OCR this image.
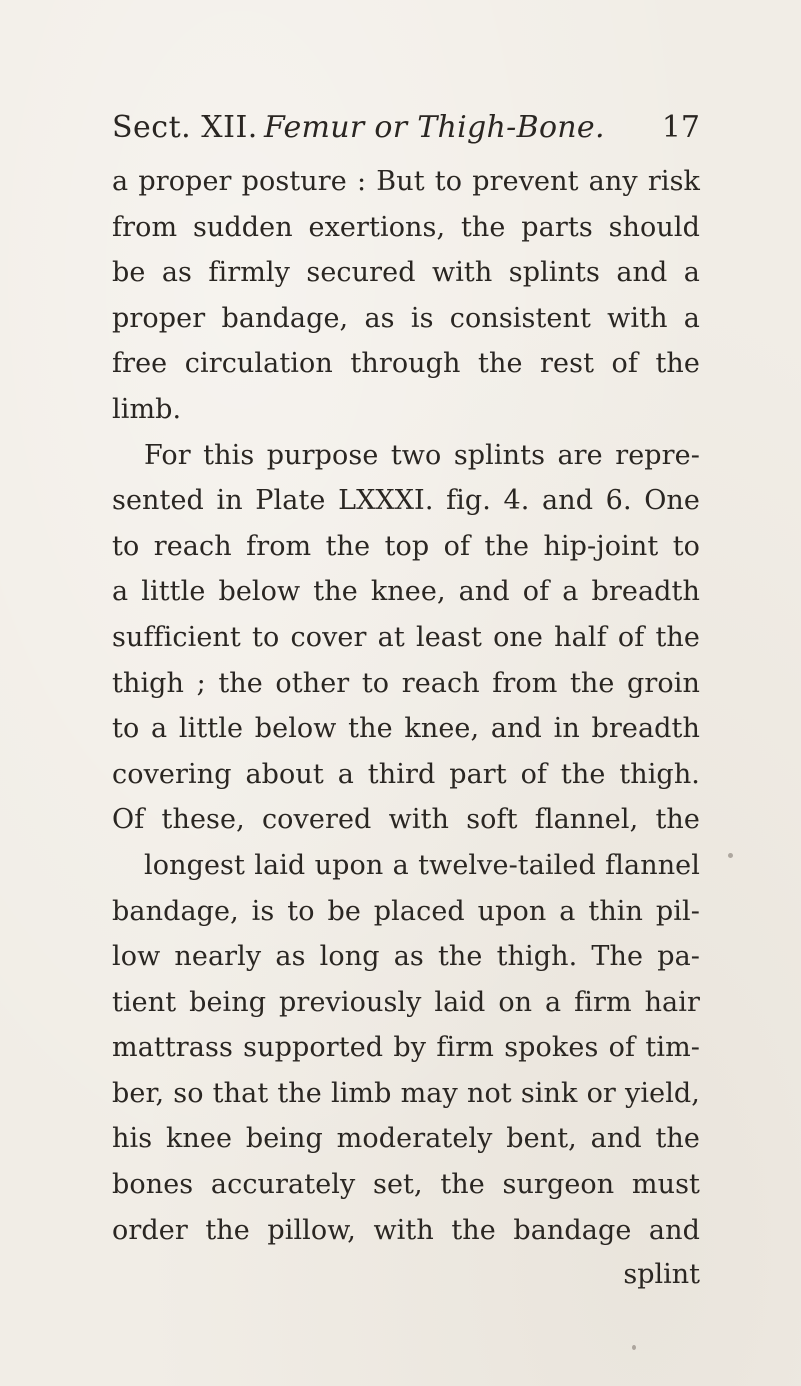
Sect. XII. Femur or Thigh-Bone. 17
a proper posture : But to prevent any risk
from sudden exertions, the parts should
be as firmly secured with splints and a
proper bandage, as is consistent with a
free circulation through the rest of the
limb.
For this purpose two splints are repre-
sented in Plate LXXXI. fig. 4. and 6. One
to reach from the top of the hip-joint to
a little below the knee, and of a breadth
sufficient to cover at least one half of the
thigh ; the other to reach from the groin
to a little below the knee, and in breadth
covering about a third part of the thigh.
Of these, covered with soft flannel, the
longest laid upon a twelve-tailed flannel
bandage, is to be placed upon a thin pil-
low nearly as long as the thigh. The pa-
tient being previously laid on a firm hair
mattrass supported by firm spokes of tim-
ber, so that the limb may not sink or yield,
his knee being moderately bent, and the
bones accurately set, the surgeon must
order the pillow, with the bandage and
splint
